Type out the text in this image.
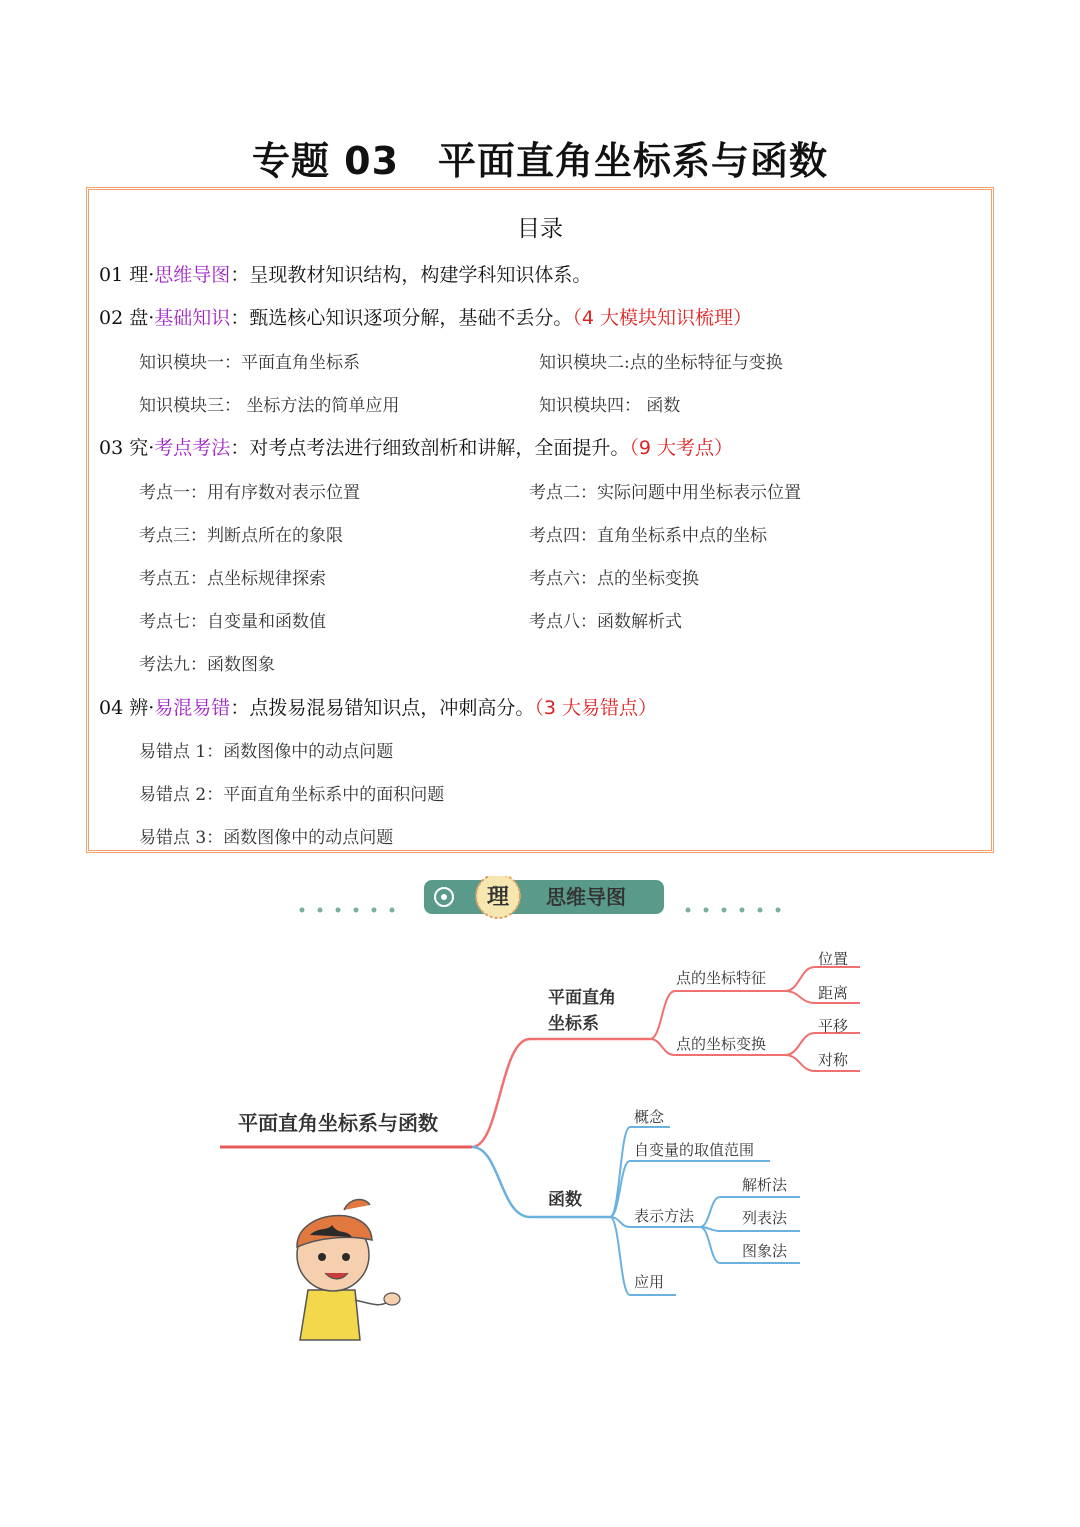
专题 03　平面直角坐标系与函数
目录
01 理·思维导图：呈现教材知识结构，构建学科知识体系。
02 盘·基础知识：甄选核心知识逐项分解，基础不丢分。（4 大模块知识梳理）
知识模块一：平面直角坐标系	知识模块二:点的坐标特征与变换
知识模块三： 坐标方法的简单应用	知识模块四： 函数
03 究·考点考法：对考点考法进行细致剖析和讲解，全面提升。（9 大考点）
考点一：用有序数对表示位置	考点二：实际问题中用坐标表示位置
考点三：判断点所在的象限	考点四：直角坐标系中点的坐标
考点五：点坐标规律探索	考点六：点的坐标变换
考点七：自变量和函数值	考点八：函数解析式
考法九：函数图象
04 辨·易混易错：点拨易混易错知识点，冲刺高分。（3 大易错点）
易错点 1：函数图像中的动点问题
易错点 2：平面直角坐标系中的面积问题
易错点 3：函数图像中的动点问题
理 思维导图
平面直角坐标系与函数
平面直角
坐标系
点的坐标特征
点的坐标变换
位置
距离
平移
对称
函数
概念
自变量的取值范围
表示方法
应用
解析法
列表法
图象法
